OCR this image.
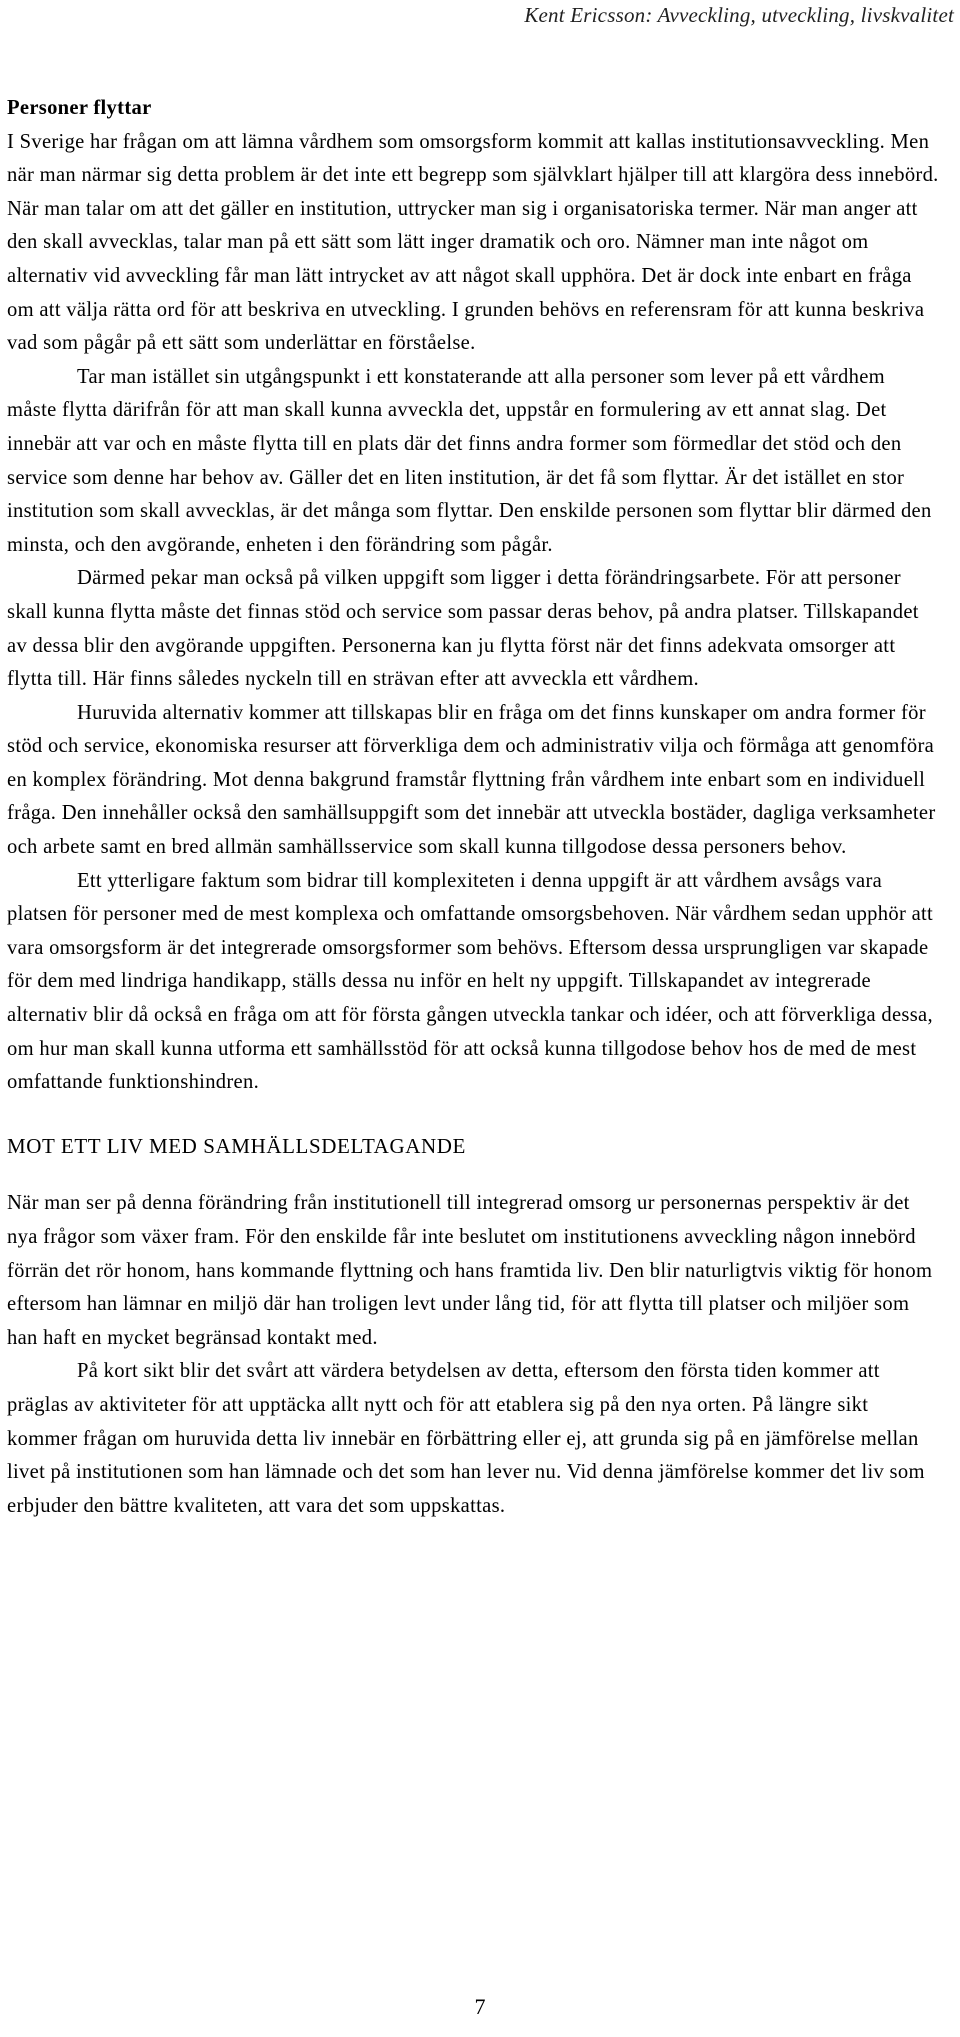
Kent Ericsson: Avveckling, utveckling, livskvalitet

Personer flyttar

I Sverige har frågan om att lämna vårdhem som omsorgsform kommit att kallas institutionsavveckling. Men när man närmar sig detta problem är det inte ett begrepp som självklart hjälper till att klargöra dess innebörd. När man talar om att det gäller en institution, uttrycker man sig i organisatoriska termer. När man anger att den skall avvecklas, talar man på ett sätt som lätt inger dramatik och oro. Nämner man inte något om alternativ vid avveckling får man lätt intrycket av att något skall upphöra. Det är dock inte enbart en fråga om att välja rätta ord för att beskriva en utveckling. I grunden behövs en referensram för att kunna beskriva vad som pågår på ett sätt som underlättar en förståelse.

Tar man istället sin utgångspunkt i ett konstaterande att alla personer som lever på ett vårdhem måste flytta därifrån för att man skall kunna avveckla det, uppstår en formulering av ett annat slag. Det innebär att var och en måste flytta till en plats där det finns andra former som förmedlar det stöd och den service som denne har behov av. Gäller det en liten institution, är det få som flyttar. Är det istället en stor institution som skall avvecklas, är det många som flyttar. Den enskilde personen som flyttar blir därmed den minsta, och den avgörande, enheten i den förändring som pågår.

Därmed pekar man också på vilken uppgift som ligger i detta förändringsarbete. För att personer skall kunna flytta måste det finnas stöd och service som passar deras behov, på andra platser. Tillskapandet av dessa blir den avgörande uppgiften. Personerna kan ju flytta först när det finns adekvata omsorger att flytta till. Här finns således nyckeln till en strävan efter att avveckla ett vårdhem.

Huruvida alternativ kommer att tillskapas blir en fråga om det finns kunskaper om andra former för stöd och service, ekonomiska resurser att förverkliga dem och administrativ vilja och förmåga att genomföra en komplex förändring. Mot denna bakgrund framstår flyttning från vårdhem inte enbart som en individuell fråga. Den innehåller också den samhällsuppgift som det innebär att utveckla bostäder, dagliga verksamheter och arbete samt en bred allmän samhällsservice som skall kunna tillgodose dessa personers behov.

Ett ytterligare faktum som bidrar till komplexiteten i denna uppgift är att vårdhem avsågs vara platsen för personer med de mest komplexa och omfattande omsorgsbehoven. När vårdhem sedan upphör att vara omsorgsform är det integrerade omsorgsformer som behövs. Eftersom dessa ursprungligen var skapade för dem med lindriga handikapp, ställs dessa nu inför en helt ny uppgift. Tillskapandet av integrerade alternativ blir då också en fråga om att för första gången utveckla tankar och idéer, och att förverkliga dessa, om hur man skall kunna utforma ett samhällsstöd för att också kunna tillgodose behov hos de med de mest omfattande funktionshindren.

MOT ETT LIV MED SAMHÄLLSDELTAGANDE

När man ser på denna förändring från institutionell till integrerad omsorg ur personernas perspektiv är det nya frågor som växer fram. För den enskilde får inte beslutet om institutionens avveckling någon innebörd förrän det rör honom, hans kommande flyttning och hans framtida liv. Den blir naturligtvis viktig för honom eftersom han lämnar en miljö där han troligen levt under lång tid, för att flytta till platser och miljöer som han haft en mycket begränsad kontakt med.

På kort sikt blir det svårt att värdera betydelsen av detta, eftersom den första tiden kommer att präglas av aktiviteter för att upptäcka allt nytt och för att etablera sig på den nya orten. På längre sikt kommer frågan om huruvida detta liv innebär en förbättring eller ej, att grunda sig på en jämförelse mellan livet på institutionen som han lämnade och det som han lever nu. Vid denna jämförelse kommer det liv som erbjuder den bättre kvaliteten, att vara det som uppskattas.

7
